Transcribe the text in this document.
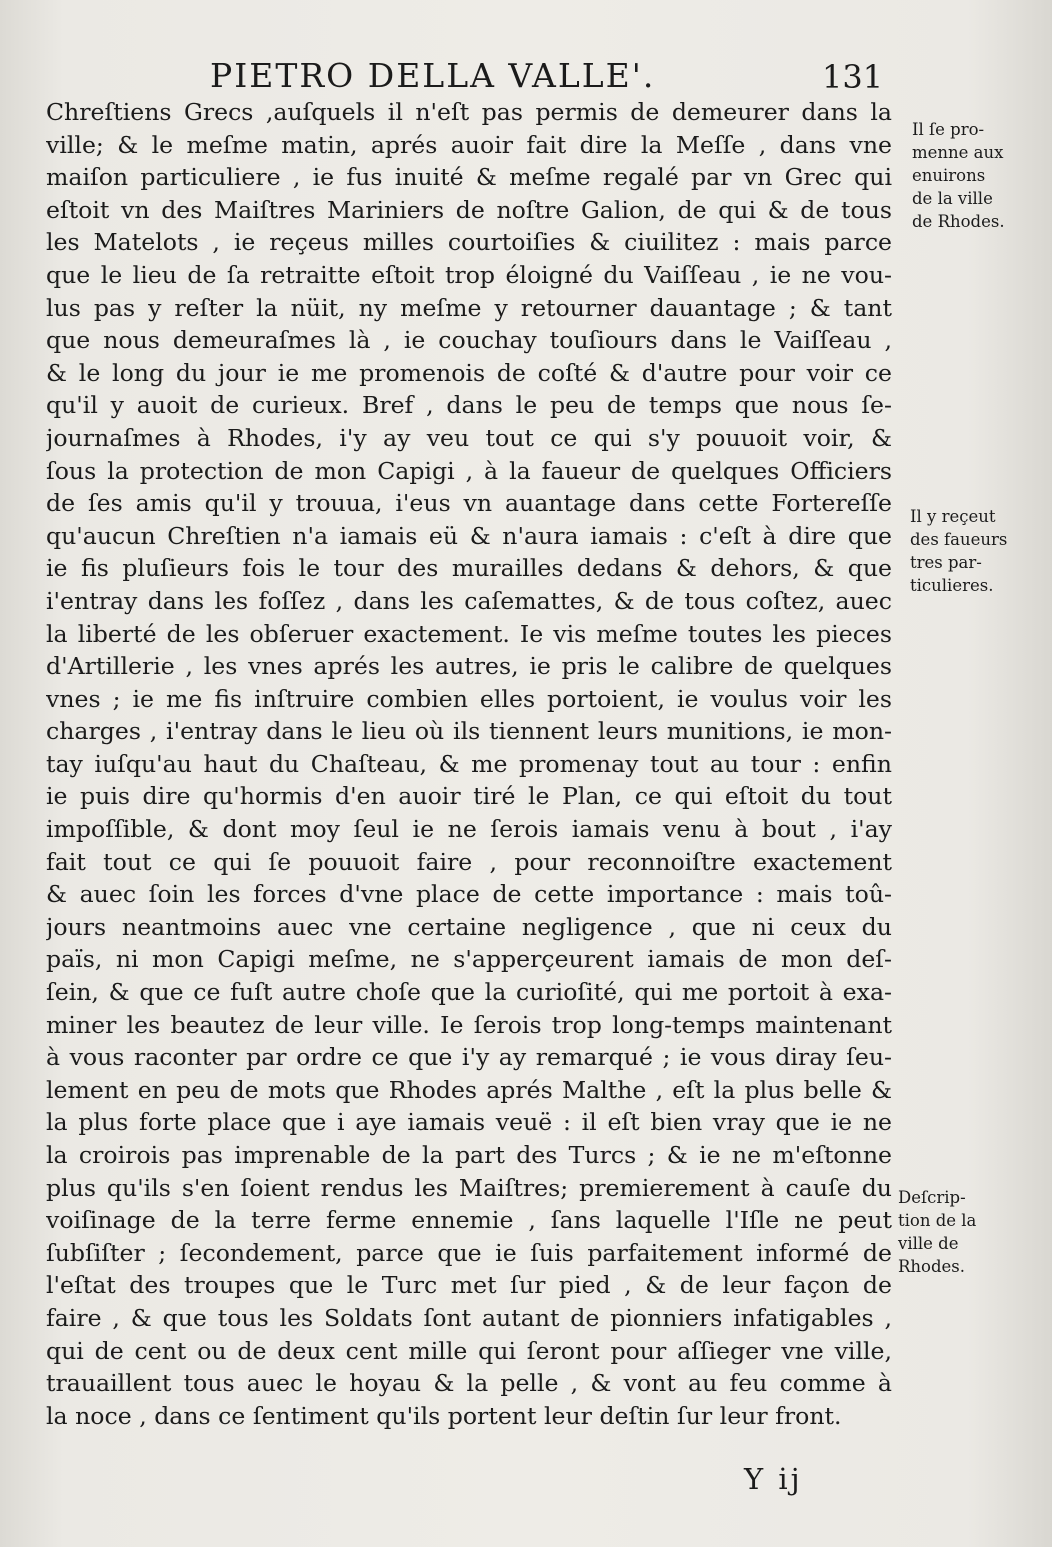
PIETRO DELLA VALLE'.	131
Chreſtiens Grecs ,auſquels il n'eſt pas permis de demeurer dans la
ville; & le meſme matin, aprés auoir fait dire la Meſſe , dans vne
maiſon particuliere , ie fus inuité & meſme regalé par vn Grec qui
eſtoit vn des Maiſtres Mariniers de noſtre Galion, de qui & de tous
les Matelots , ie reçeus milles courtoiſies & ciuilitez : mais parce
que le lieu de ſa retraitte eſtoit trop éloigné du Vaiſſeau , ie ne vou-
lus pas y reſter la nüit, ny meſme y retourner dauantage ; & tant
que nous demeuraſmes là , ie couchay touſiours dans le Vaiſſeau ,
& le long du jour ie me promenois de coſté & d'autre pour voir ce
qu'il y auoit de curieux. Bref , dans le peu de temps que nous ſe-
journaſmes à Rhodes, i'y ay veu tout ce qui s'y pouuoit voir, &
ſous la protection de mon Capigi , à la faueur de quelques Officiers
de ſes amis qu'il y trouua, i'eus vn auantage dans cette Fortereſſe
qu'aucun Chreſtien n'a iamais eü & n'aura iamais : c'eſt à dire que
ie fis pluſieurs fois le tour des murailles dedans & dehors, & que
i'entray dans les foſſez , dans les caſemattes, & de tous coſtez, auec
la liberté de les obſeruer exactement. Ie vis meſme toutes les pieces
d'Artillerie , les vnes aprés les autres, ie pris le calibre de quelques
vnes ; ie me fis inſtruire combien elles portoient, ie voulus voir les
charges , i'entray dans le lieu où ils tiennent leurs munitions, ie mon-
tay iuſqu'au haut du Chaſteau, & me promenay tout au tour : enfin
ie puis dire qu'hormis d'en auoir tiré le Plan, ce qui eſtoit du tout
impoſſible, & dont moy ſeul ie ne ſerois iamais venu à bout , i'ay
fait tout ce qui ſe pouuoit faire , pour reconnoiſtre exactement
& auec ſoin les forces d'vne place de cette importance : mais toû-
jours neantmoins auec vne certaine negligence , que ni ceux du
païs, ni mon Capigi meſme, ne s'apperçeurent iamais de mon deſ-
ſein, & que ce fuſt autre choſe que la curioſité, qui me portoit à exa-
miner les beautez de leur ville. Ie ſerois trop long-temps maintenant
à vous raconter par ordre ce que i'y ay remarqué ; ie vous diray ſeu-
lement en peu de mots que Rhodes aprés Malthe , eſt la plus belle &
la plus forte place que i aye iamais veuë : il eſt bien vray que ie ne
la croirois pas imprenable de la part des Turcs ; & ie ne m'eſtonne
plus qu'ils s'en ſoient rendus les Maiſtres; premierement à cauſe du
voiſinage de la terre ferme ennemie , ſans laquelle l'Iſle ne peut
ſubſiſter ; ſecondement, parce que ie ſuis parfaitement informé de
l'eſtat des troupes que le Turc met ſur pied , & de leur façon de
faire , & que tous les Soldats ſont autant de pionniers infatigables ,
qui de cent ou de deux cent mille qui ſeront pour aſſieger vne ville,
trauaillent tous auec le hoyau & la pelle , & vont au feu comme à
la noce , dans ce ſentiment qu'ils portent leur deſtin ſur leur front.
Il ſe pro-
menne aux
enuirons
de la ville
de Rhodes.
Il y reçeut
des faueurs
tres par-
ticulieres.
Deſcrip-
tion de la
ville de
Rhodes.
Y ij
